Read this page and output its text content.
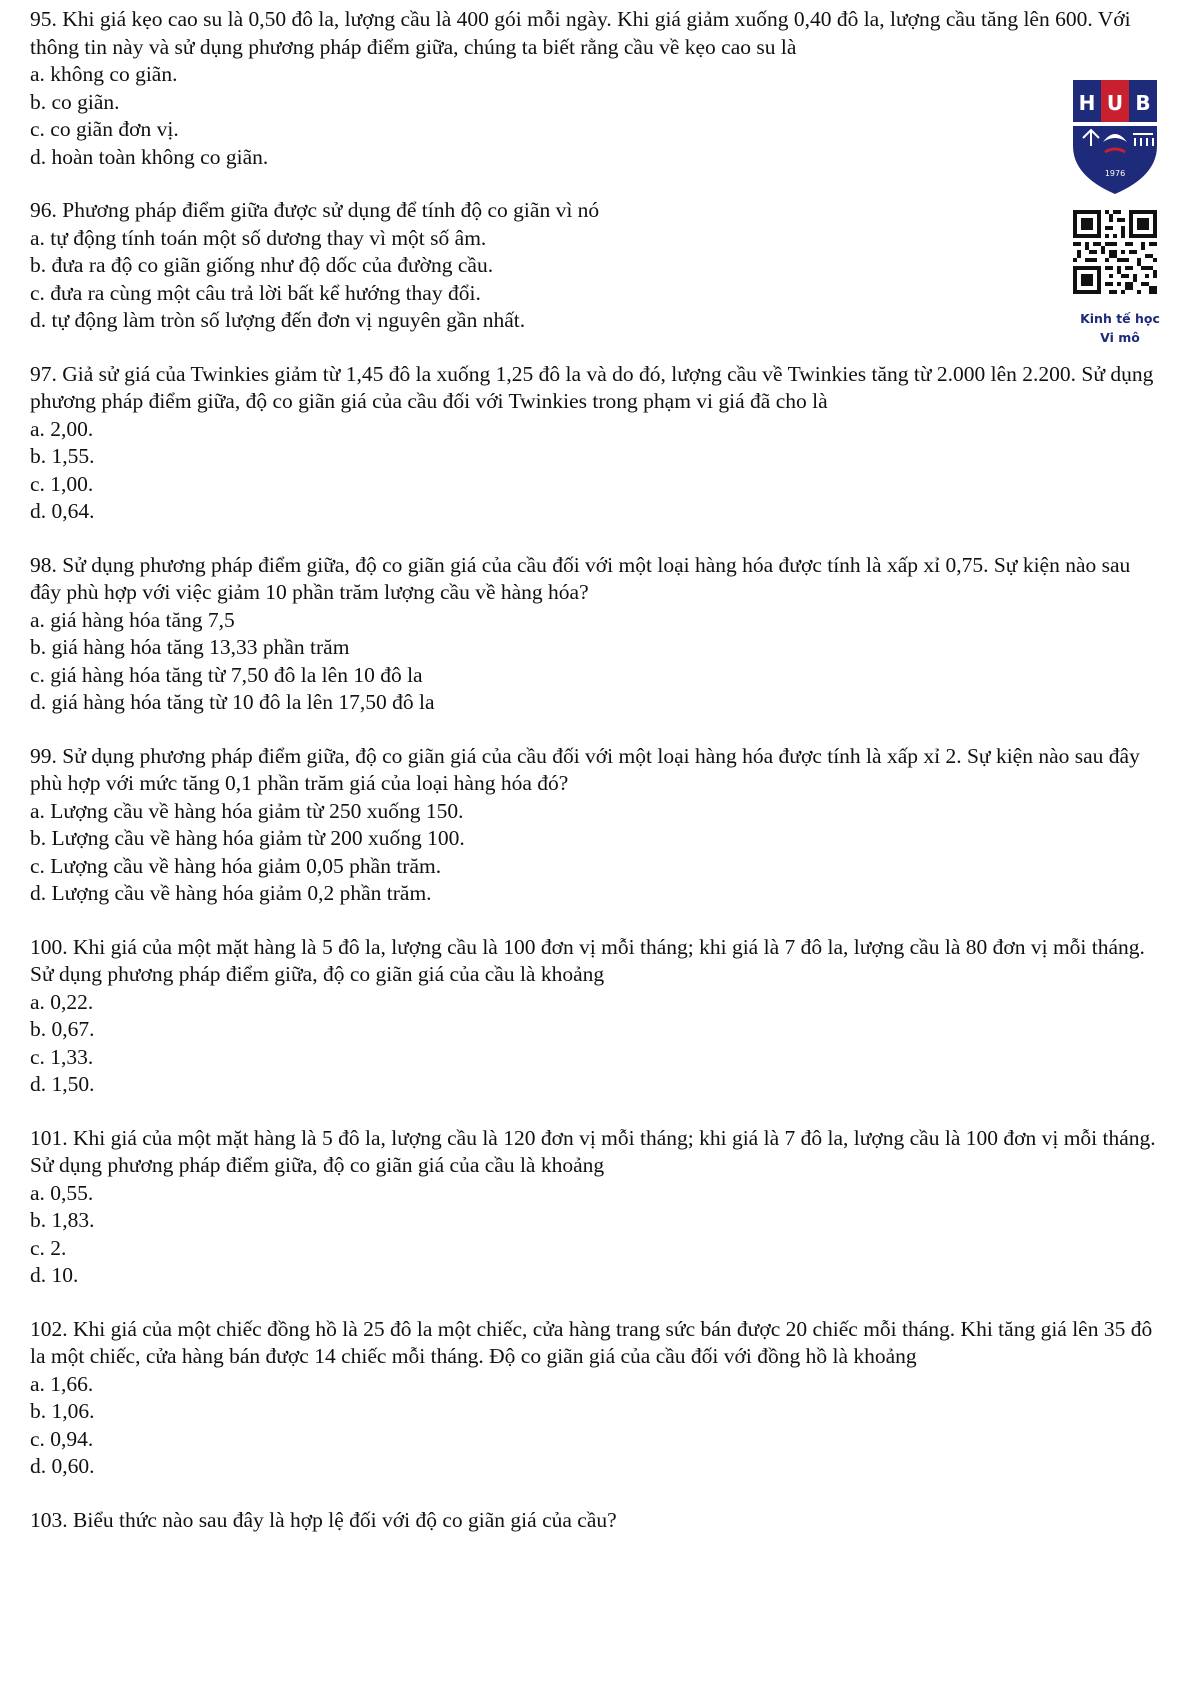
95. Khi giá kẹo cao su là 0,50 đô la, lượng cầu là 400 gói mỗi ngày. Khi giá giảm xuống 0,40 đô la, lượng cầu tăng lên 600. Với thông tin này và sử dụng phương pháp điểm giữa, chúng ta biết rằng cầu về kẹo cao su là

a. không co giãn.
b. co giãn.
c. co giãn đơn vị.
d. hoàn toàn không co giãn.

96. Phương pháp điểm giữa được sử dụng để tính độ co giãn vì nó

a. tự động tính toán một số dương thay vì một số âm.
b. đưa ra độ co giãn giống như độ dốc của đường cầu.
c. đưa ra cùng một câu trả lời bất kể hướng thay đổi.
d. tự động làm tròn số lượng đến đơn vị nguyên gần nhất.

97. Giả sử giá của Twinkies giảm từ 1,45 đô la xuống 1,25 đô la và do đó, lượng cầu về Twinkies tăng từ 2.000 lên 2.200. Sử dụng phương pháp điểm giữa, độ co giãn giá của cầu đối với Twinkies trong phạm vi giá đã cho là

a. 2,00.
b. 1,55.
c. 1,00.
d. 0,64.

98. Sử dụng phương pháp điểm giữa, độ co giãn giá của cầu đối với một loại hàng hóa được tính là xấp xỉ 0,75. Sự kiện nào sau đây phù hợp với việc giảm 10 phần trăm lượng cầu về hàng hóa?

a. giá hàng hóa tăng 7,5
b. giá hàng hóa tăng 13,33 phần trăm
c. giá hàng hóa tăng từ 7,50 đô la lên 10 đô la
d. giá hàng hóa tăng từ 10 đô la lên 17,50 đô la

99. Sử dụng phương pháp điểm giữa, độ co giãn giá của cầu đối với một loại hàng hóa được tính là xấp xỉ 2. Sự kiện nào sau đây phù hợp với mức tăng 0,1 phần trăm giá của loại hàng hóa đó?

a. Lượng cầu về hàng hóa giảm từ 250 xuống 150.
b. Lượng cầu về hàng hóa giảm từ 200 xuống 100.
c. Lượng cầu về hàng hóa giảm 0,05 phần trăm.
d. Lượng cầu về hàng hóa giảm 0,2 phần trăm.

100. Khi giá của một mặt hàng là 5 đô la, lượng cầu là 100 đơn vị mỗi tháng; khi giá là 7 đô la, lượng cầu là 80 đơn vị mỗi tháng. Sử dụng phương pháp điểm giữa, độ co giãn giá của cầu là khoảng

a. 0,22.
b. 0,67.
c. 1,33.
d. 1,50.

101. Khi giá của một mặt hàng là 5 đô la, lượng cầu là 120 đơn vị mỗi tháng; khi giá là 7 đô la, lượng cầu là 100 đơn vị mỗi tháng. Sử dụng phương pháp điểm giữa, độ co giãn giá của cầu là khoảng

a. 0,55.
b. 1,83.
c. 2.
d. 10.

102. Khi giá của một chiếc đồng hồ là 25 đô la một chiếc, cửa hàng trang sức bán được 20 chiếc mỗi tháng. Khi tăng giá lên 35 đô la một chiếc, cửa hàng bán được 14 chiếc mỗi tháng. Độ co giãn giá của cầu đối với đồng hồ là khoảng

a. 1,66.
b. 1,06.
c. 0,94.
d. 0,60.

103. Biểu thức nào sau đây là hợp lệ đối với độ co giãn giá của cầu?

H U B
1976
Kinh tế học
Vi mô
